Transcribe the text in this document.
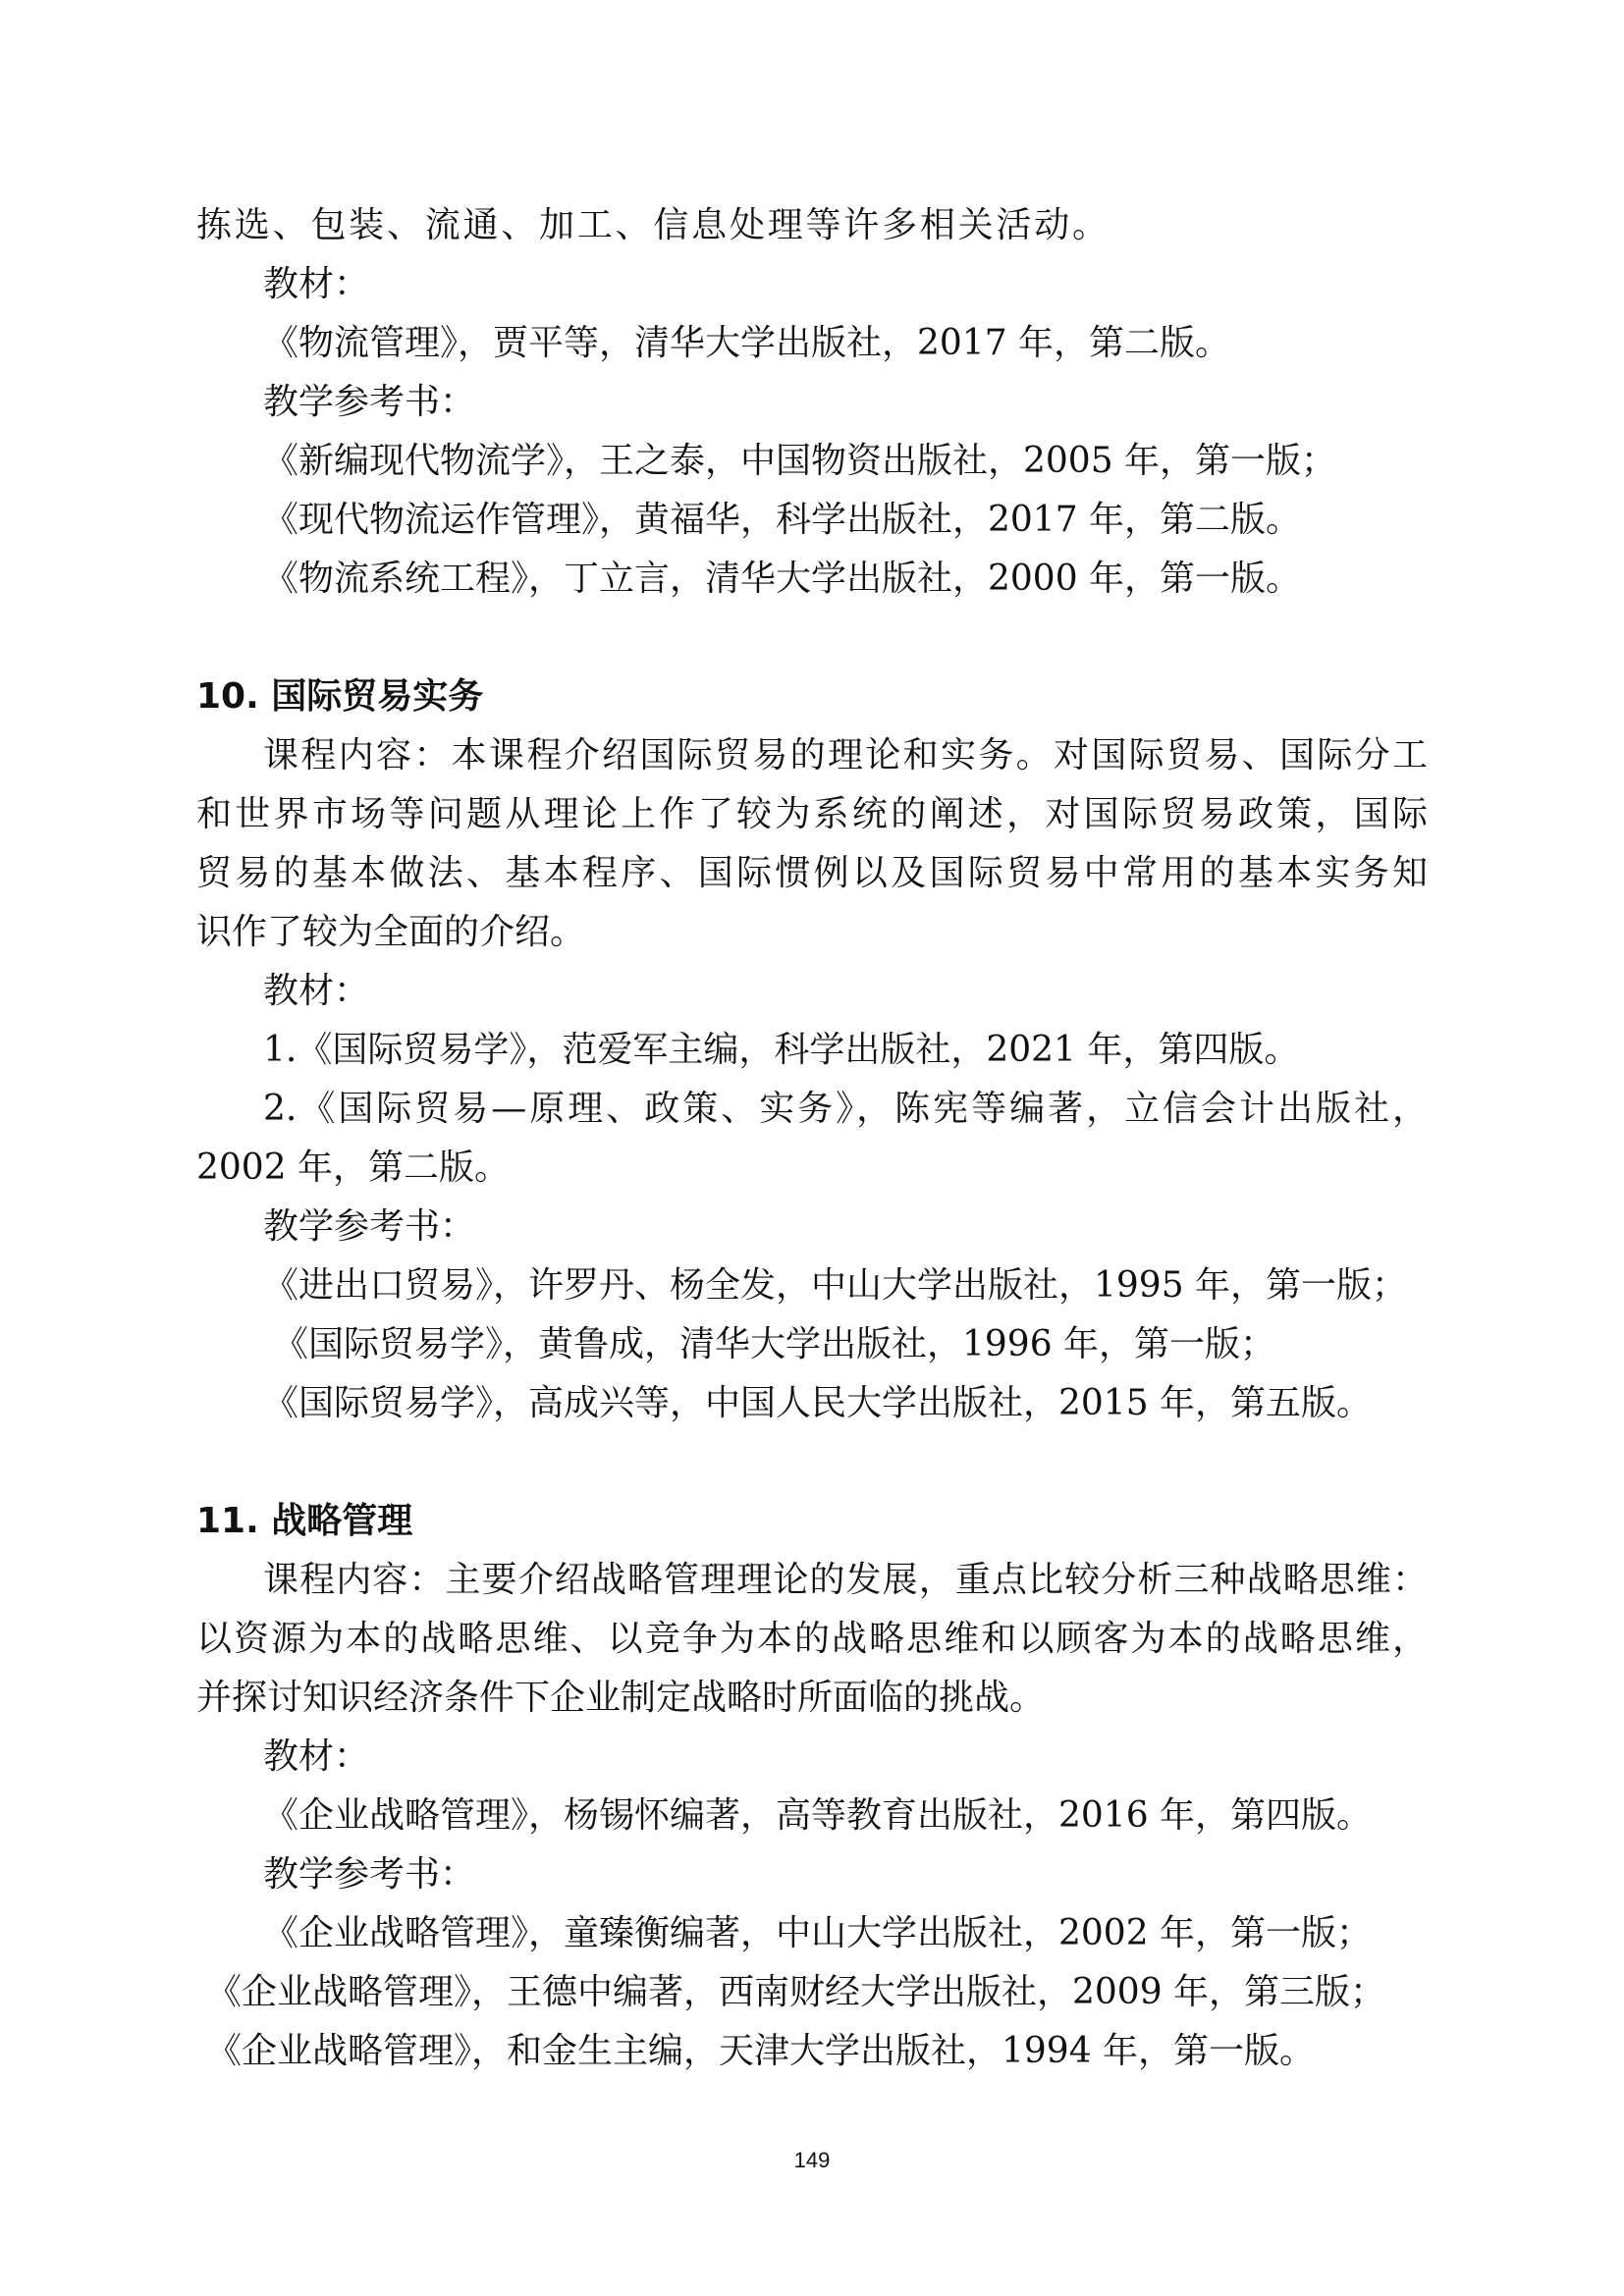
拣选、包装、流通、加工、信息处理等许多相关活动。
教材：
《物流管理》，贾平等，清华大学出版社，2017 年，第二版。
教学参考书：
《新编现代物流学》，王之泰，中国物资出版社，2005 年，第一版；
《现代物流运作管理》，黄福华，科学出版社，2017 年，第二版。
《物流系统工程》，丁立言，清华大学出版社，2000 年，第一版。
10. 国际贸易实务
课程内容：本课程介绍国际贸易的理论和实务。对国际贸易、国际分工
和世界市场等问题从理论上作了较为系统的阐述，对国际贸易政策，国际
贸易的基本做法、基本程序、国际惯例以及国际贸易中常用的基本实务知
识作了较为全面的介绍。
教材：
1.《国际贸易学》，范爱军主编，科学出版社，2021 年，第四版。
2.《国际贸易—原理、政策、实务》，陈宪等编著，立信会计出版社，
2002 年，第二版。
教学参考书：
《进出口贸易》，许罗丹、杨全发，中山大学出版社，1995 年，第一版；
《国际贸易学》，黄鲁成，清华大学出版社，1996 年，第一版；
《国际贸易学》，高成兴等，中国人民大学出版社，2015 年，第五版。
11. 战略管理
课程内容：主要介绍战略管理理论的发展，重点比较分析三种战略思维：
以资源为本的战略思维、以竞争为本的战略思维和以顾客为本的战略思维，
并探讨知识经济条件下企业制定战略时所面临的挑战。
教材：
《企业战略管理》，杨锡怀编著，高等教育出版社，2016 年，第四版。
教学参考书：
《企业战略管理》，童臻衡编著，中山大学出版社，2002 年，第一版；
《企业战略管理》，王德中编著，西南财经大学出版社，2009 年，第三版；
《企业战略管理》，和金生主编，天津大学出版社，1994 年，第一版。
149
